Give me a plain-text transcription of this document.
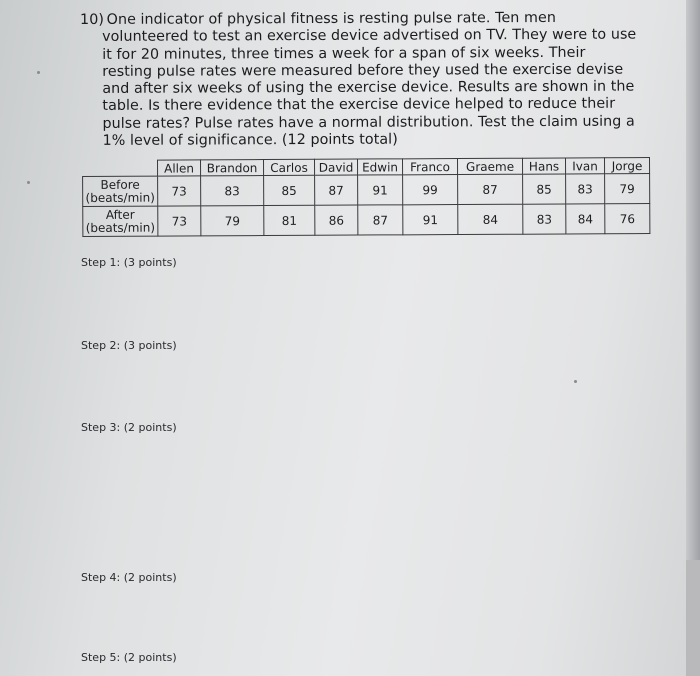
10) One indicator of physical fitness is resting pulse rate. Ten men
volunteered to test an exercise device advertised on TV. They were to use
it for 20 minutes, three times a week for a span of six weeks. Their
resting pulse rates were measured before they used the exercise devise
and after six weeks of using the exercise device. Results are shown in the
table. Is there evidence that the exercise device helped to reduce their
pulse rates? Pulse rates have a normal distribution. Test the claim using a
1% level of significance. (12 points total)
	Allen	Brandon	Carlos	David	Edwin	Franco	Graeme	Hans	Ivan	Jorge
Before
(beats/min)	73	83	85	87	91	99	87	85	83	79
After
(beats/min)	73	79	81	86	87	91	84	83	84	76
Step 1: (3 points)
Step 2: (3 points)
Step 3: (2 points)
Step 4: (2 points)
Step 5: (2 points)
